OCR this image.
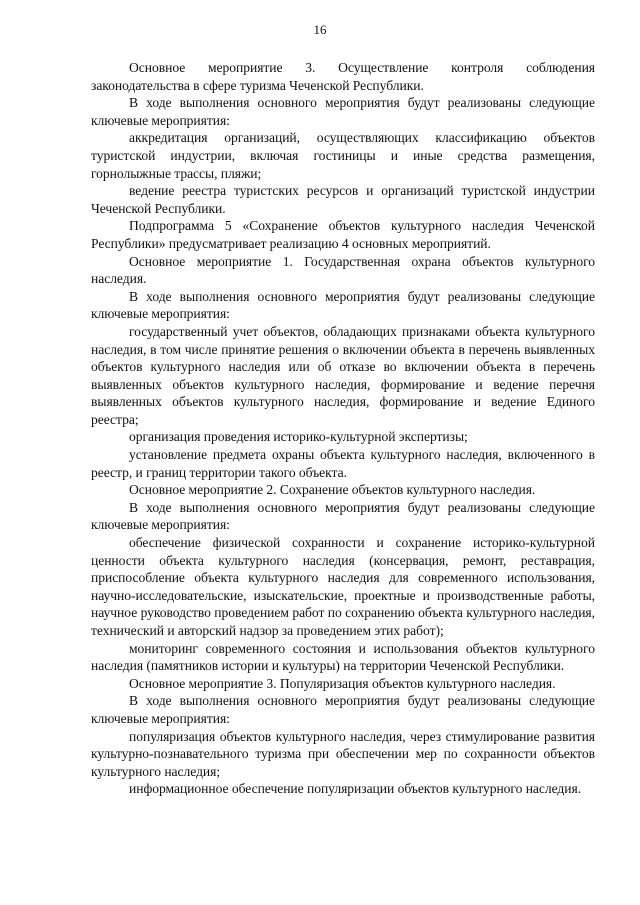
16

Основное мероприятие 3. Осуществление контроля соблюдения законодательства в сфере туризма Чеченской Республики.

В ходе выполнения основного мероприятия будут реализованы следующие ключевые мероприятия:

аккредитация организаций, осуществляющих классификацию объектов туристской индустрии, включая гостиницы и иные средства размещения, горнолыжные трассы, пляжи;

ведение реестра туристских ресурсов и организаций туристской индустрии Чеченской Республики.

Подпрограмма 5 «Сохранение объектов культурного наследия Чеченской Республики» предусматривает реализацию 4 основных мероприятий.

Основное мероприятие 1. Государственная охрана объектов культурного наследия.

В ходе выполнения основного мероприятия будут реализованы следующие ключевые мероприятия:

государственный учет объектов, обладающих признаками объекта культурного наследия, в том числе принятие решения о включении объекта в перечень выявленных объектов культурного наследия или об отказе во включении объекта в перечень выявленных объектов культурного наследия, формирование и ведение перечня выявленных объектов культурного наследия, формирование и ведение Единого реестра;

организация проведения историко-культурной экспертизы;

установление предмета охраны объекта культурного наследия, включенного в реестр, и границ территории такого объекта.

Основное мероприятие 2. Сохранение объектов культурного наследия.

В ходе выполнения основного мероприятия будут реализованы следующие ключевые мероприятия:

обеспечение физической сохранности и сохранение историко-культурной ценности объекта культурного наследия (консервация, ремонт, реставрация, приспособление объекта культурного наследия для современного использования, научно-исследовательские, изыскательские, проектные и производственные работы, научное руководство проведением работ по сохранению объекта культурного наследия, технический и авторский надзор за проведением этих работ);

мониторинг современного состояния и использования объектов культурного наследия (памятников истории и культуры) на территории Чеченской Республики.

Основное мероприятие 3. Популяризация объектов культурного наследия.

В ходе выполнения основного мероприятия будут реализованы следующие ключевые мероприятия:

популяризация объектов культурного наследия, через стимулирование развития культурно-познавательного туризма при обеспечении мер по сохранности объектов культурного наследия;

информационное обеспечение популяризации объектов культурного наследия.
